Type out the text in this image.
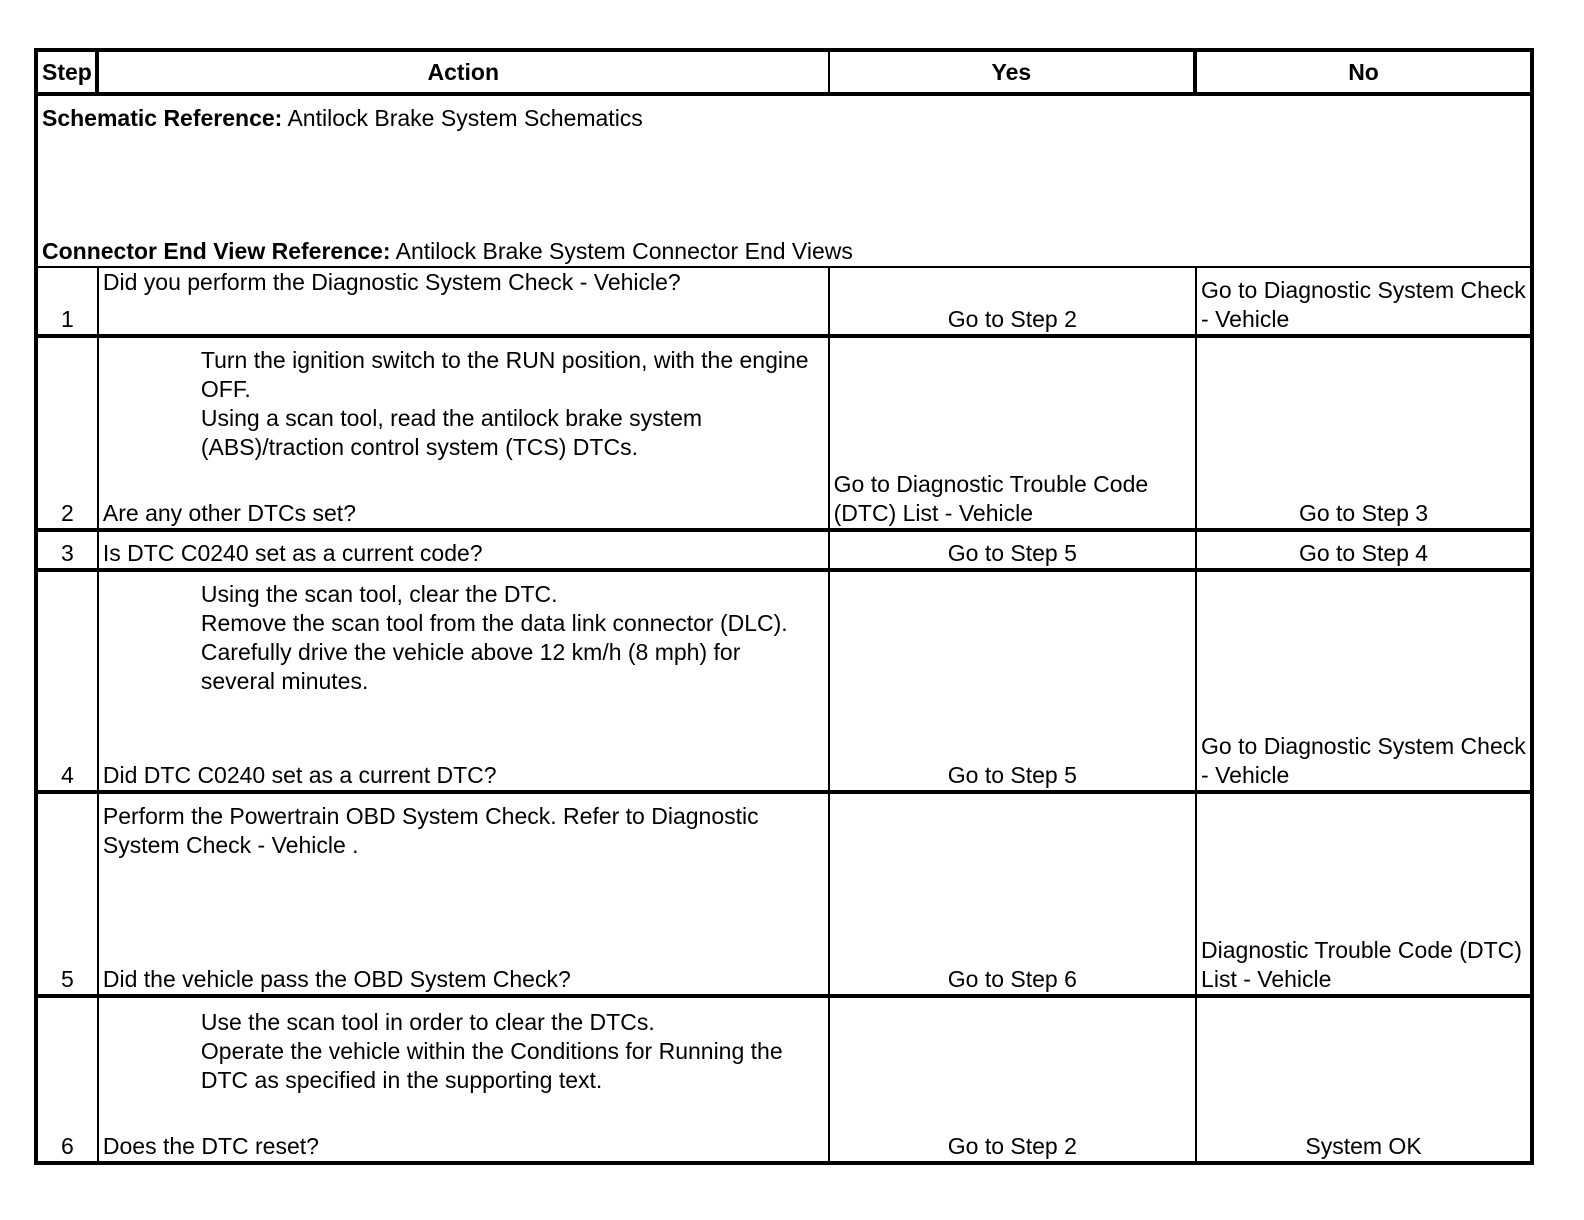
Step	Action	Yes	No

Schematic Reference: Antilock Brake System Schematics
Connector End View Reference: Antilock Brake System Connector End Views			

1	Did you perform the Diagnostic System Check - Vehicle?	Go to Step 2	Go to Diagnostic System Check - Vehicle
2	Turn the ignition switch to the RUN position, with the engine OFF.
Using a scan tool, read the antilock brake system (ABS)/traction control system (TCS) DTCs.
Are any other DTCs set?	Go to Diagnostic Trouble Code (DTC) List - Vehicle	Go to Step 3
3	Is DTC C0240 set as a current code?	Go to Step 5	Go to Step 4
4	Using the scan tool, clear the DTC.
Remove the scan tool from the data link connector (DLC).
Carefully drive the vehicle above 12 km/h (8 mph) for several minutes.
Did DTC C0240 set as a current DTC?	Go to Step 5	Go to Diagnostic System Check - Vehicle
5	Perform the Powertrain OBD System Check. Refer to Diagnostic System Check - Vehicle .
Did the vehicle pass the OBD System Check?	Go to Step 6	Diagnostic Trouble Code (DTC) List - Vehicle
6	Use the scan tool in order to clear the DTCs.
Operate the vehicle within the Conditions for Running the DTC as specified in the supporting text.
Does the DTC reset?	Go to Step 2	System OK
